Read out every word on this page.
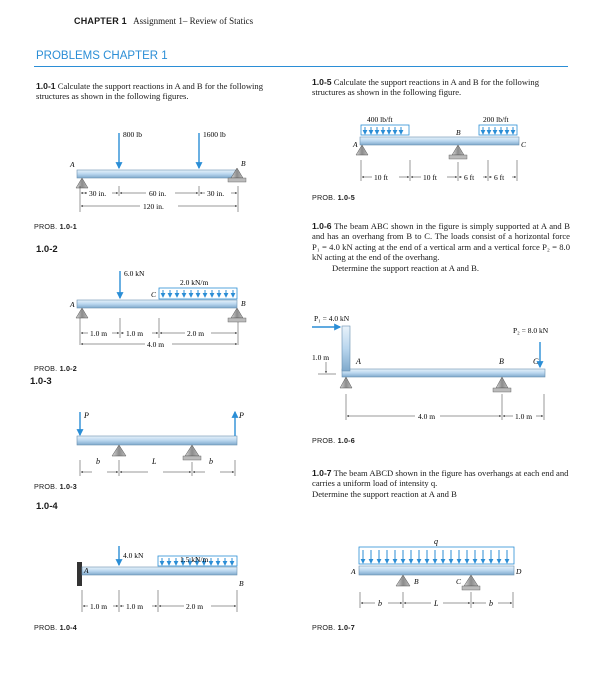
CHAPTER 1 Assignment 1– Review of Statics
PROBLEMS CHAPTER 1
1.0-1 Calculate the support reactions in A and B for the following structures as shown in the following figures.
1.0-5 Calculate the support reactions in A and B for the following structures as shown in the following figure.
1.0-6 The beam ABC shown in the figure is simply supported at A and B and has an overhang from B to C. The loads consist of a horizontal force P₁ = 4.0 kN acting at the end of a vertical arm and a vertical force P₂ = 8.0 kN acting at the end of the overhang.
Determine the support reaction at A and B.
1.0-7 The beam ABCD shown in the figure has overhangs at each end and carries a uniform load of intensity q.
Determine the support reaction at A and B
1.0-2
1.0-3
1.0-4
PROB. 1.0-1
PROB. 1.0-2
PROB. 1.0-3
PROB. 1.0-4
PROB. 1.0-5
PROB. 1.0-6
PROB. 1.0-7
800 lb	1600 lb
A	B
30 in.	60 in.	30 in.
120 in.
6.0 kN
2.0 kN/m
C
A	B
1.0 m	1.0 m	2.0 m
4.0 m
P	P
b	L	b
4.0 kN	1.5 kN/m
A
B
1.0 m	1.0 m	2.0 m
400 lb/ft	200 lb/ft
A
B
C
10 ft	10 ft	6 ft	6 ft
P₁ = 4.0 kN
P₂ = 8.0 kN
A	B	C
1.0 m
4.0 m	1.0 m
q
A
B	C
D
b	L	b
